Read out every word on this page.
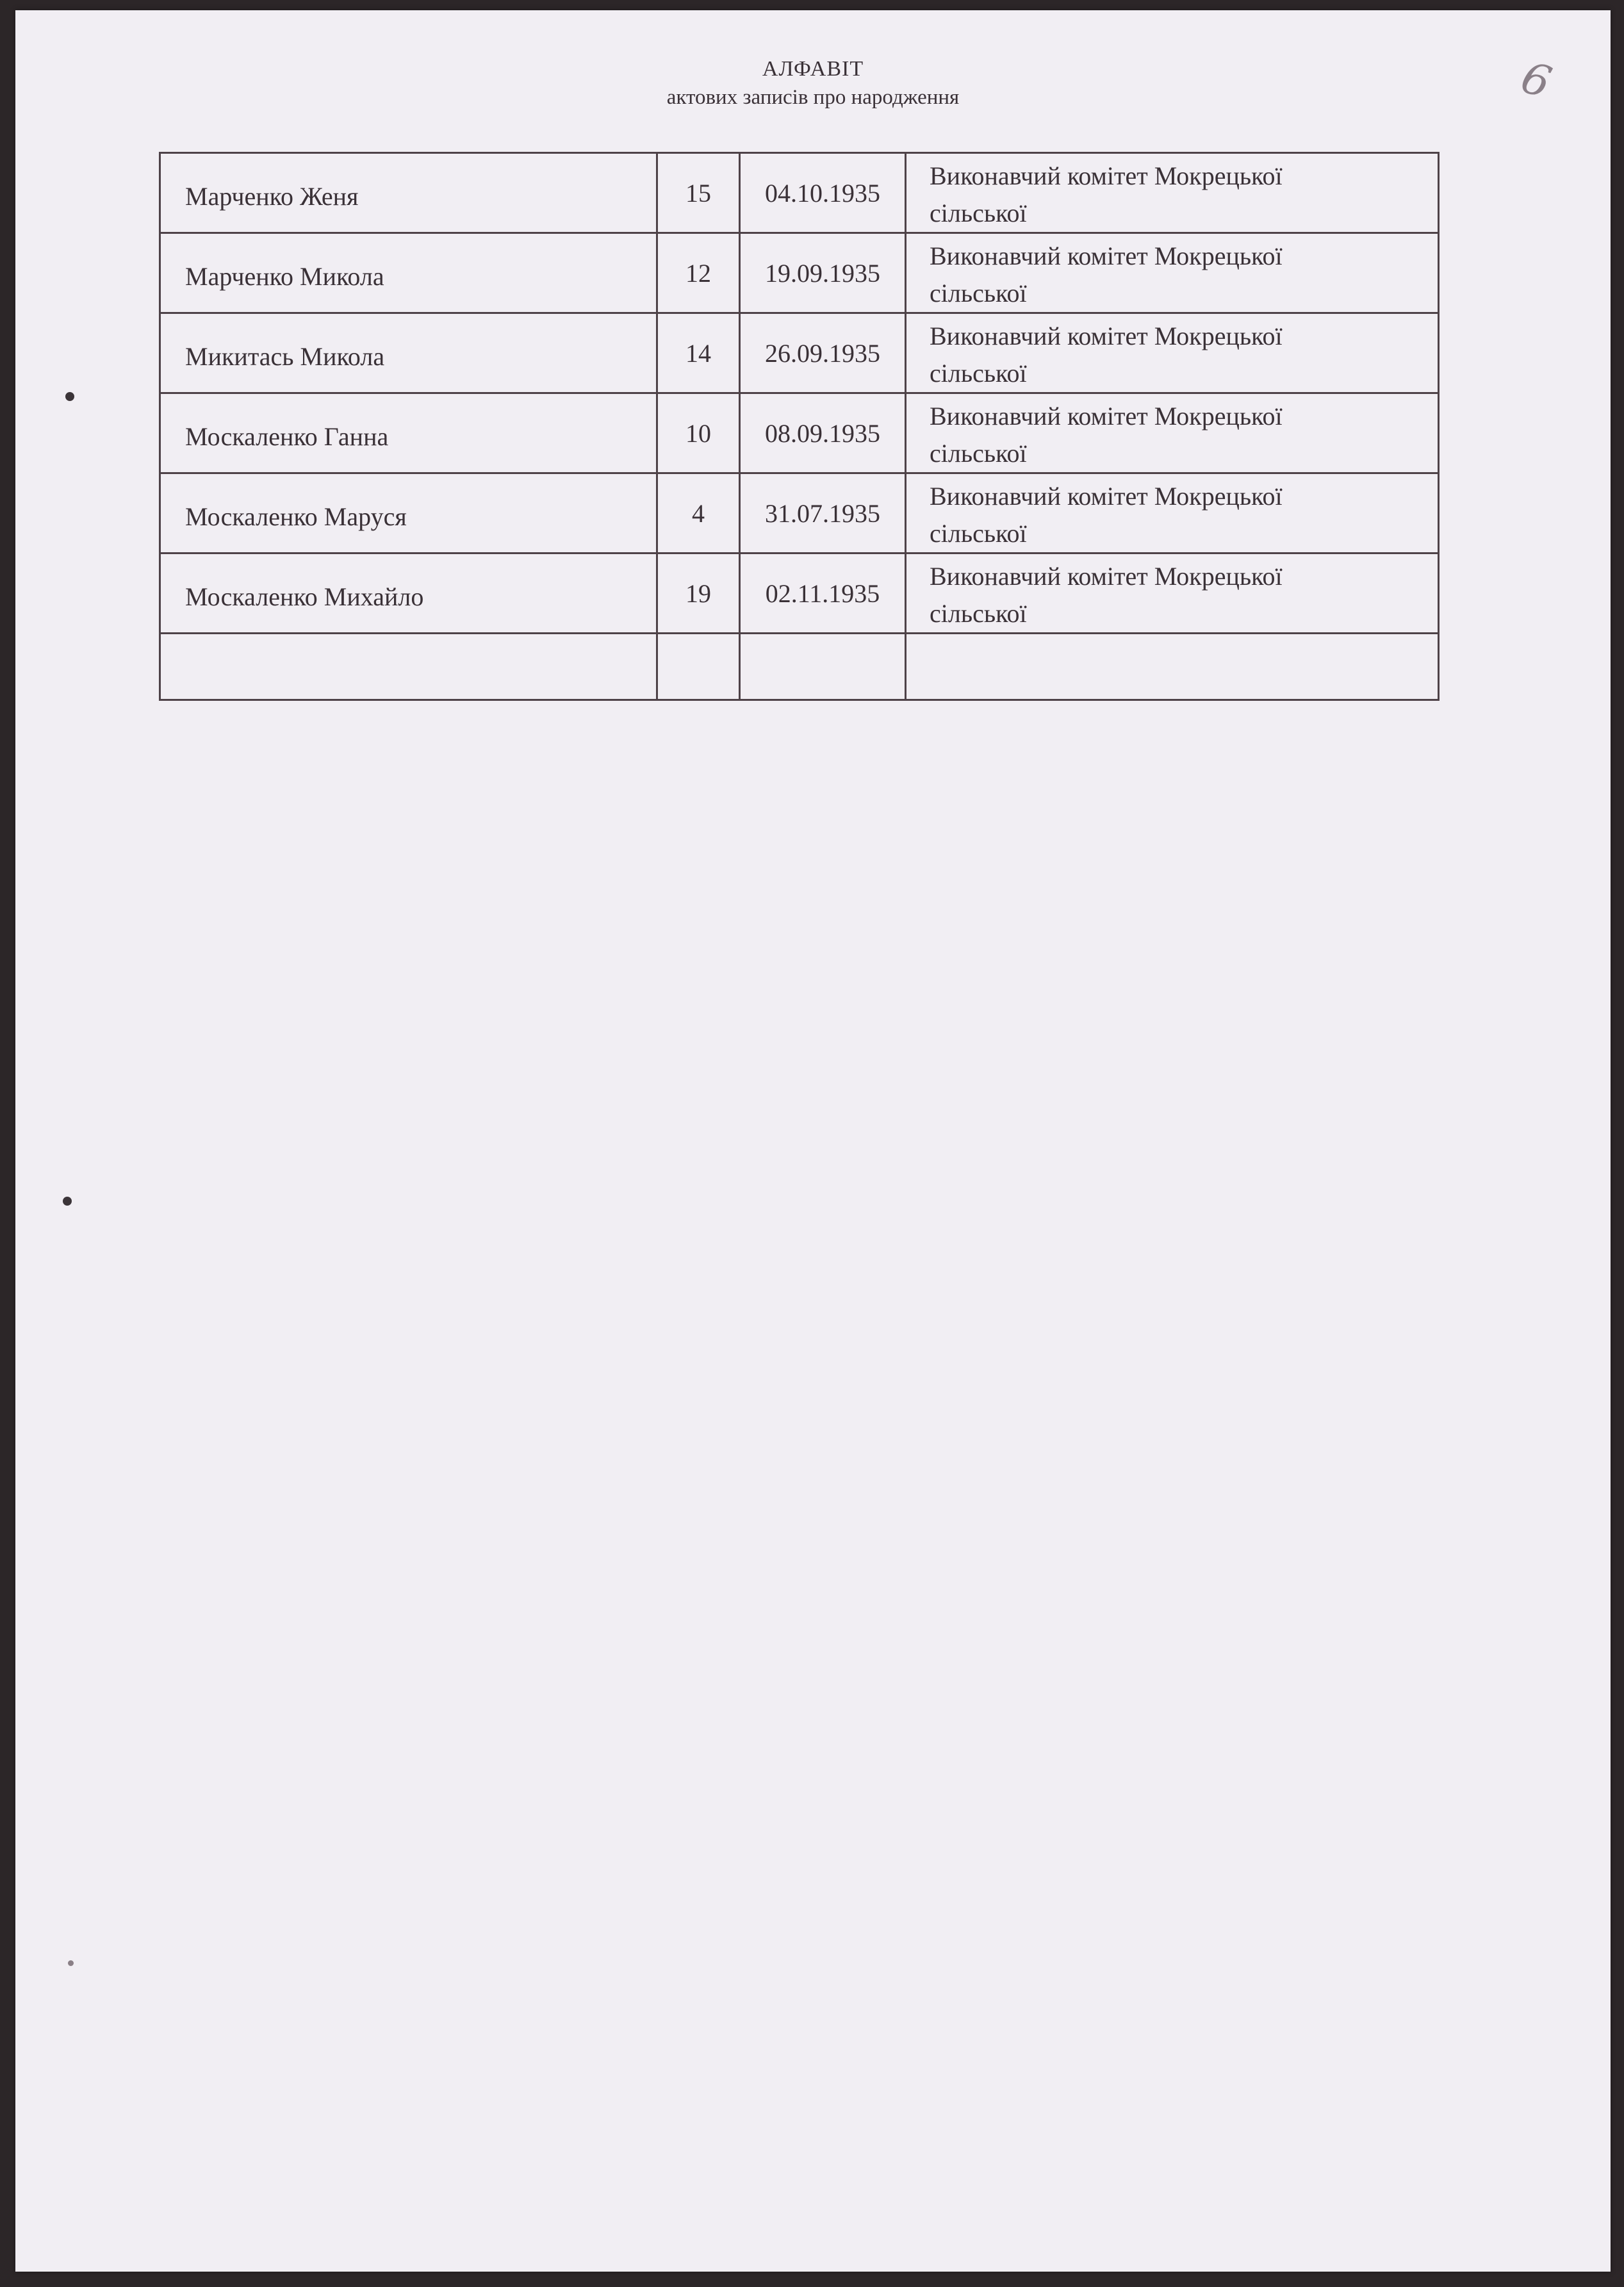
АЛФАВІТ
актових записів про народження	6
Марченко Женя	15	04.10.1935	Виконавчий комітет Мокрецької
сільської

Марченко Микола	12	19.09.1935	Виконавчий комітет Мокрецької
сільської

Микитась Микола	14	26.09.1935	Виконавчий комітет Мокрецької
сільської

Москаленко Ганна	10	08.09.1935	Виконавчий комітет Мокрецької
сільської

Москаленко Маруся	4	31.07.1935	Виконавчий комітет Мокрецької
сільської

Москаленко Михайло	19	02.11.1935	Виконавчий комітет Мокрецької
сільської
